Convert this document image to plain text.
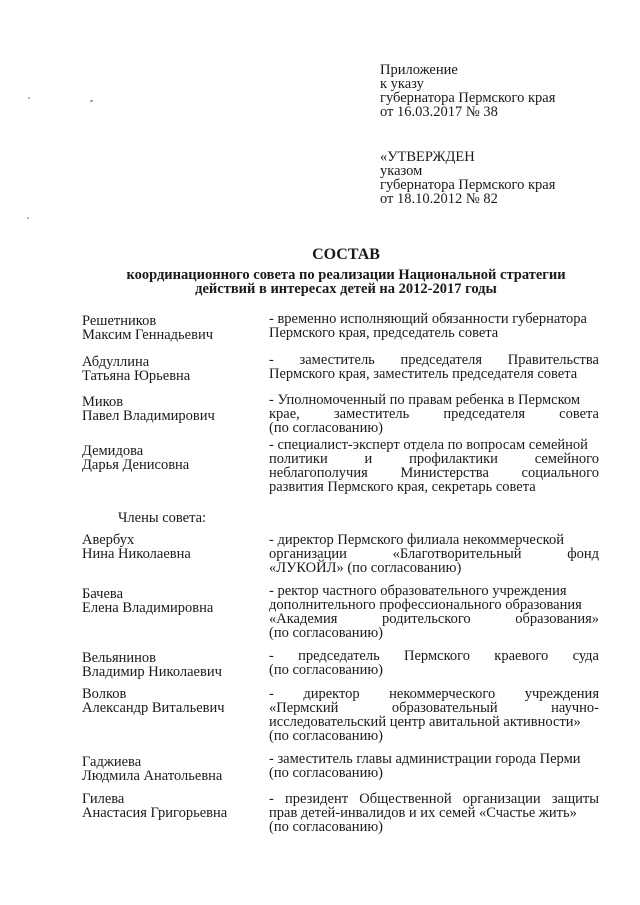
Приложение
к указу
губернатора Пермского края
от 16.03.2017 № 38
«УТВЕРЖДЕН
указом
губернатора Пермского края
от 18.10.2012 № 82
СОСТАВ
координационного совета по реализации Национальной стратегии
действий в интересах детей на 2012-2017 годы
Решетников
Максим Геннадьевич
- временно исполняющий обязанности губернатора
Пермского края, председатель совета
Абдуллина
Татьяна Юрьевна
- заместитель председателя Правительства
Пермского края, заместитель председателя совета
Миков
Павел Владимирович
- Уполномоченный по правам ребенка в Пермском
крае, заместитель председателя совета
(по согласованию)
Демидова
Дарья Денисовна
- специалист-эксперт отдела по вопросам семейной
политики и профилактики семейного
неблагополучия Министерства социального
развития Пермского края, секретарь совета
Члены совета:
Авербух
Нина Николаевна
- директор Пермского филиала некоммерческой
организации «Благотворительный фонд
«ЛУКОЙЛ» (по согласованию)
Бачева
Елена Владимировна
- ректор частного образовательного учреждения
дополнительного профессионального образования
«Академия родительского образования»
(по согласованию)
Вельянинов
Владимир Николаевич
- председатель Пермского краевого суда
(по согласованию)
Волков
Александр Витальевич
- директор некоммерческого учреждения
«Пермский образовательный научно-
исследовательский центр авитальной активности»
(по согласованию)
Гаджиева
Людмила Анатольевна
- заместитель главы администрации города Перми
(по согласованию)
Гилева
Анастасия Григорьевна
- президент Общественной организации защиты
прав детей-инвалидов и их семей «Счастье жить»
(по согласованию)
